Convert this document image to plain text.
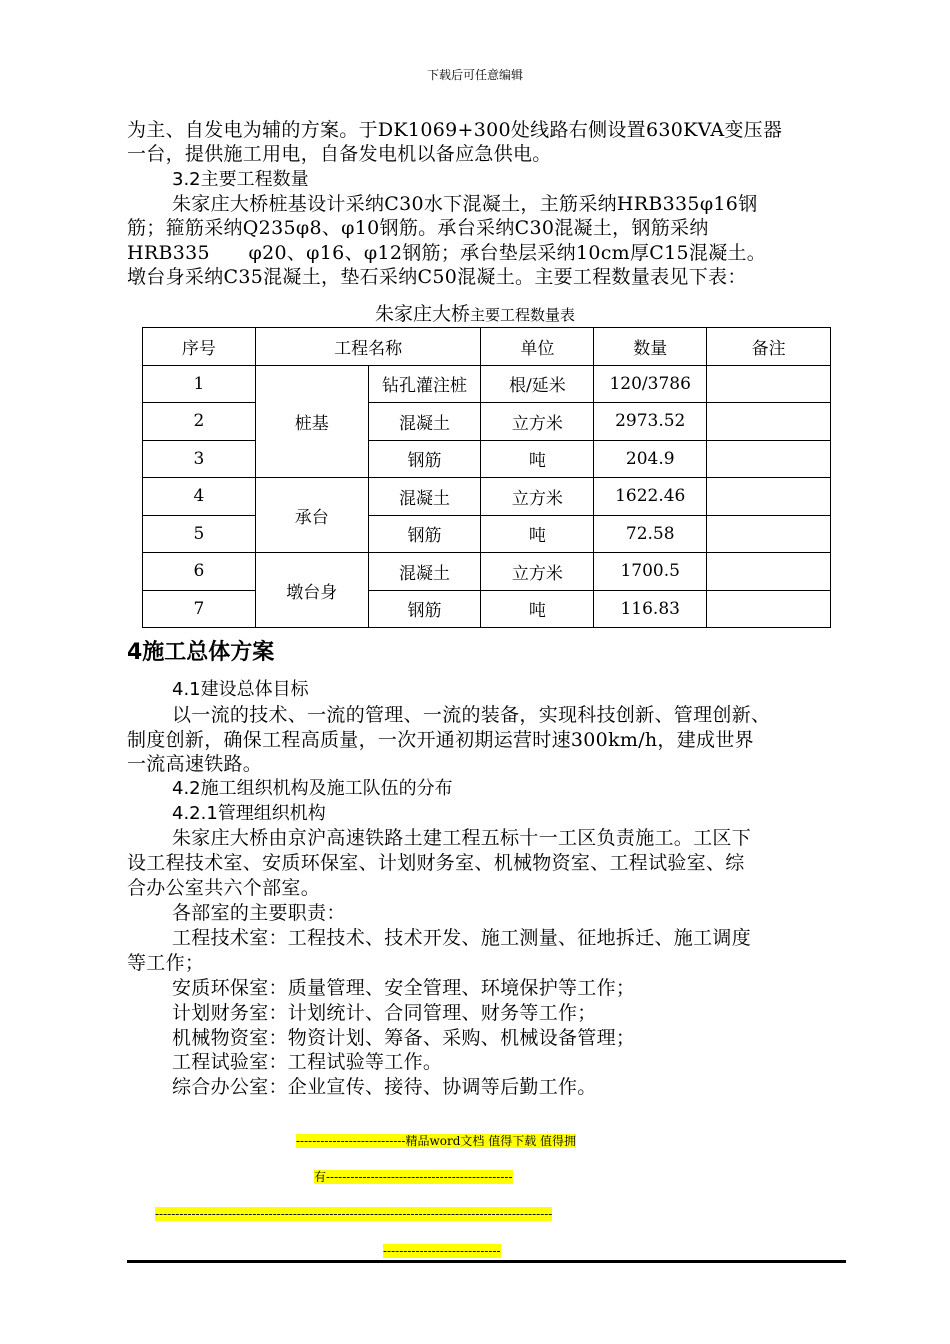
下载后可任意编辑

为主、自发电为辅的方案。于DK1069+300处线路右侧设置630KVA变压器

一台，提供施工用电，自备发电机以备应急供电。

3.2主要工程数量

朱家庄大桥桩基设计采纳C30水下混凝土，主筋采纳HRB335φ16钢

筋；箍筋采纳Q235φ8、φ10钢筋。承台采纳C30混凝土，钢筋采纳

HRB335　　φ20、φ16、φ12钢筋；承台垫层采纳10cm厚C15混凝土。

墩台身采纳C35混凝土，垫石采纳C50混凝土。主要工程数量表见下表：

朱家庄大桥主要工程数量表

序号	工程名称		单位	数量	备注
1	桩基	钻孔灌注桩	根/延米	120/3786	
2		混凝土	立方米	2973.52	
3		钢筋	吨	204.9	
4	承台	混凝土	立方米	1622.46	
5		钢筋	吨	72.58	
6	墩台身	混凝土	立方米	1700.5	
7		钢筋	吨	116.83	

4施工总体方案

4.1建设总体目标

以一流的技术、一流的管理、一流的装备，实现科技创新、管理创新、

制度创新，确保工程高质量，一次开通初期运营时速300km/h，建成世界

一流高速铁路。

4.2施工组织机构及施工队伍的分布

4.2.1管理组织机构

朱家庄大桥由京沪高速铁路土建工程五标十一工区负责施工。工区下

设工程技术室、安质环保室、计划财务室、机械物资室、工程试验室、综

合办公室共六个部室。

各部室的主要职责：

工程技术室：工程技术、技术开发、施工测量、征地拆迁、施工调度

等工作；

安质环保室：质量管理、安全管理、环境保护等工作；

计划财务室：计划统计、合同管理、财务等工作；

机械物资室：物资计划、筹备、采购、机械设备管理；

工程试验室：工程试验等工作。

综合办公室：企业宣传、接待、协调等后勤工作。

---------------------------精品word文档 值得下载 值得拥

有----------------------------------------------

--------------------------------------------------------------------------------------------------

-----------------------------
